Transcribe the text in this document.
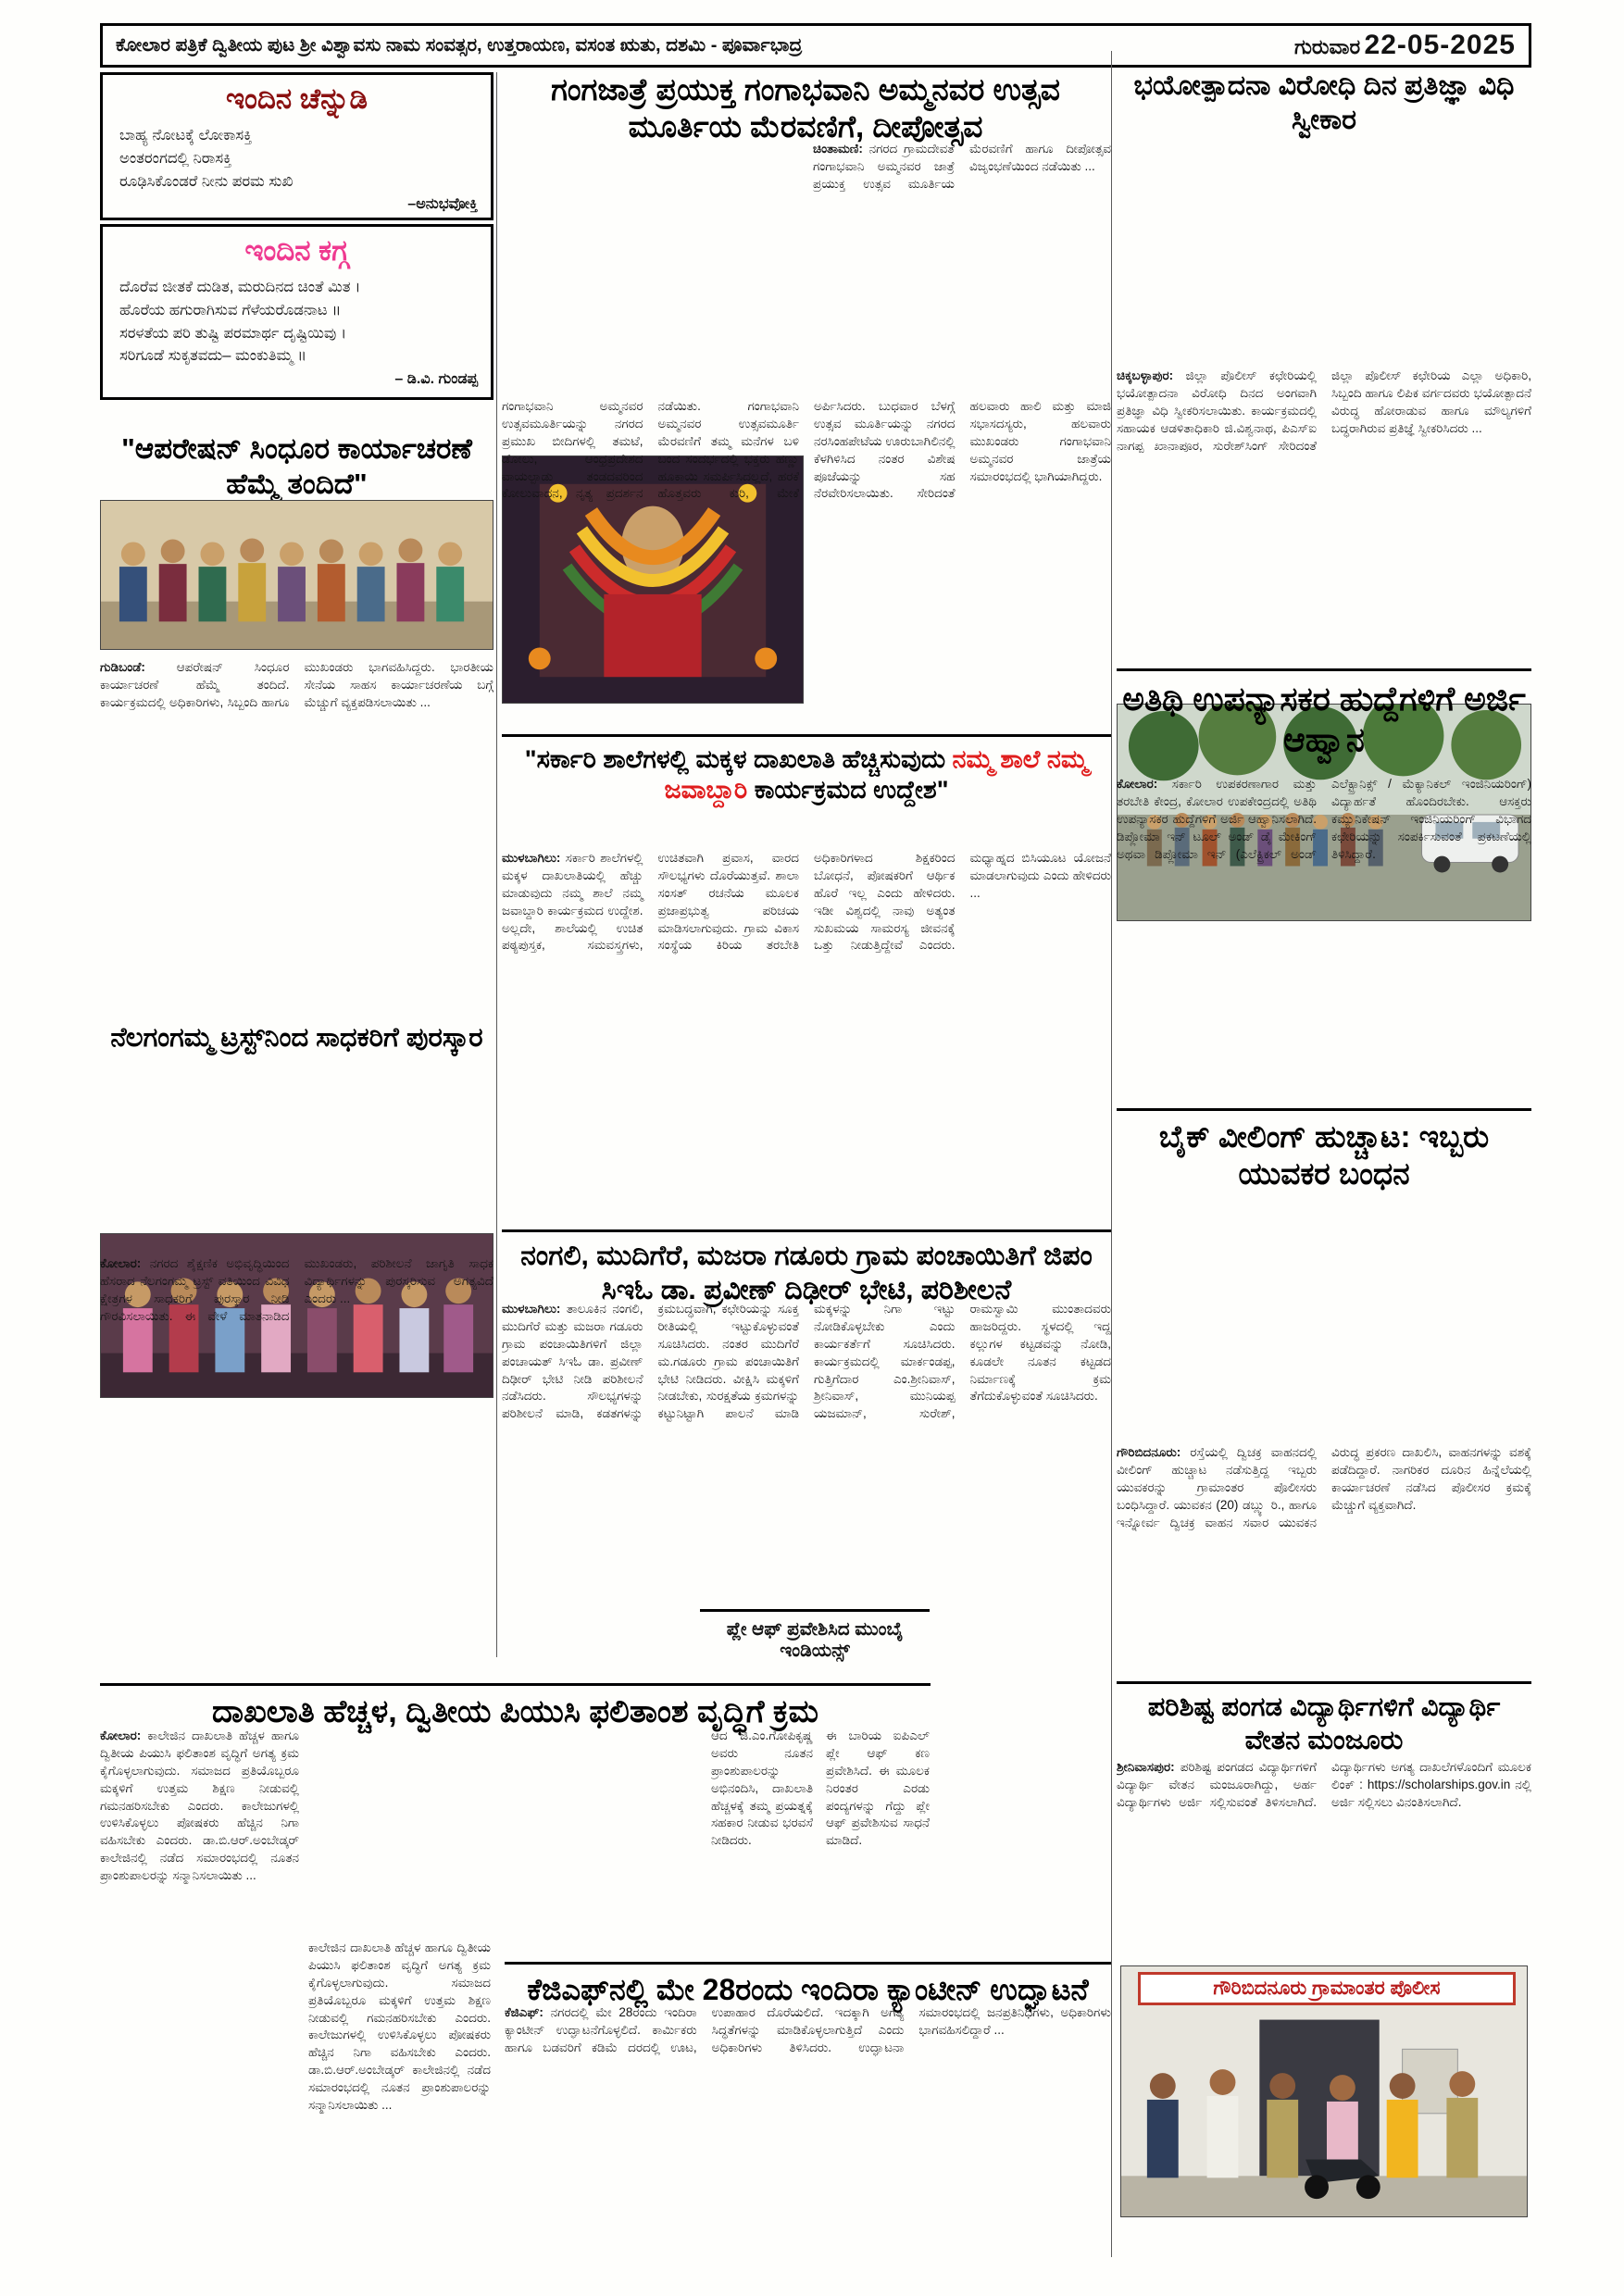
ಕೋಲಾರ ಪತ್ರಿಕೆ ದ್ವಿತೀಯ ಪುಟ ಶ್ರೀ ವಿಶ್ವಾವಸು ನಾಮ ಸಂವತ್ಸರ, ಉತ್ತರಾಯಣ, ವಸಂತ ಋತು, ದಶಮಿ - ಪೂರ್ವಾಭಾದ್ರ	ಗುರುವಾರ 22-05-2025
ಇಂದಿನ ಚೆನ್ನುಡಿ
ಬಾಹ್ಯ ನೋಟಕ್ಕೆ ಲೋಕಾಸಕ್ತಿ
ಅಂತರಂಗದಲ್ಲಿ ನಿರಾಸಕ್ತಿ
ರೂಢಿಸಿಕೊಂಡರೆ ನೀನು ಪರಮ ಸುಖಿ
–ಅನುಭವೋಕ್ತಿ
ಇಂದಿನ ಕಗ್ಗ
ದೊರೆವ ಜೀತಕೆ ದುಡಿತ, ಮರುದಿನದ ಚಿಂತೆ ಮಿತ ।
ಹೊರೆಯ ಹಗುರಾಗಿಸುವ ಗೆಳೆಯರೊಡನಾಟ ॥
ಸರಳತೆಯ ಪರಿ ತುಷ್ಟಿ ಪರಮಾರ್ಥ ದೃಷ್ಟಿಯಿವು ।
ಸರಿಗೂಡೆ ಸುಕೃತವದು– ಮಂಕುತಿಮ್ಮ ॥
– ಡಿ.ವಿ. ಗುಂಡಪ್ಪ
"ಆಪರೇಷನ್ ಸಿಂಧೂರ ಕಾರ್ಯಾಚರಣೆ ಹೆಮ್ಮೆ ತಂದಿದೆ"

ಗುಡಿಬಂಡೆ:	ಆಪರೇಷನ್ ಸಿಂಧೂರ ಕಾರ್ಯಾಚರಣೆ ಹೆಮ್ಮೆ ತಂದಿದೆ. ಕಾರ್ಯಕ್ರಮದಲ್ಲಿ ಅಧಿಕಾರಿಗಳು, ಸಿಬ್ಬಂದಿ ಹಾಗೂ ಮುಖಂಡರು ಭಾಗವಹಿಸಿದ್ದರು. ಭಾರತೀಯ ಸೇನೆಯ ಸಾಹಸ ಕಾರ್ಯಾಚರಣೆಯ ಬಗ್ಗೆ ಮೆಚ್ಚುಗೆ ವ್ಯಕ್ತಪಡಿಸಲಾಯಿತು ...

ನೆಲಗಂಗಮ್ಮ ಟ್ರಸ್ಟ್‌ನಿಂದ ಸಾಧಕರಿಗೆ ಪುರಸ್ಕಾರ

ಕೋಲಾರ: ನಗರದ ಶೈಕ್ಷಣಿಕ ಅಭಿವೃದ್ಧಿಯಿಂದ ಹೆಸರಾದ ನೆಲಗಂಗಮ್ಮ ಟ್ರಸ್ಟ್ ವತಿಯಿಂದ ವಿವಿಧ ಕ್ಷೇತ್ರಗಳ ಸಾಧಕರಿಗೆ ಪುರಸ್ಕಾರ ನೀಡಿ ಗೌರವಿಸಲಾಯಿತು. ಈ ವೇಳೆ ಮಾತನಾಡಿದ ಮುಖಂಡರು, ಪರಿಶೀಲನೆ ಜಾಗೃತಿ ಸಾಧಕ ವಿದ್ಯಾರ್ಥಿಗಳನ್ನು ಪುರಸ್ಕರಿಸುವ ಅಗತ್ಯವಿದೆ ಎಂದರು ...

ಗಂಗಜಾತ್ರೆ ಪ್ರಯುಕ್ತ ಗಂಗಾಭವಾನಿ ಅಮ್ಮನವರ ಉತ್ಸವ ಮೂರ್ತಿಯ ಮೆರವಣಿಗೆ, ದೀಪೋತ್ಸವ

ಚಿಂತಾಮಣಿ: ನಗರದ ಗ್ರಾಮದೇವತೆ ಗಂಗಾಭವಾನಿ ಅಮ್ಮನವರ ಜಾತ್ರೆ ಪ್ರಯುಕ್ತ ಉತ್ಸವ ಮೂರ್ತಿಯ ಮೆರವಣಿಗೆ ಹಾಗೂ ದೀಪೋತ್ಸವ ವಿಜೃಂಭಣೆಯಿಂದ ನಡೆಯಿತು ...

ಗಂಗಾಭವಾನಿ ಅಮ್ಮನವರ ಉತ್ಸವಮೂರ್ತಿಯನ್ನು ನಗರದ ಪ್ರಮುಖ ಬೀದಿಗಳಲ್ಲಿ ತಮಟೆ, ಡೋಲು, ಆಂಧ್ರಪ್ರದೇಶದ ವಾಯಲ್ಪಾಡು ತಂಡದವರಿಂದ ಕೋಲುವಾದನ, ನೃತ್ಯ ಪ್ರದರ್ಶನ ನಡೆಯಿತು. ಗಂಗಾಭವಾನಿ ಅಮ್ಮನವರ ಉತ್ಸವಮೂರ್ತಿ ಮೆರವಣಿಗೆ ತಮ್ಮ ಮನೆಗಳ ಬಳಿ ಬಂದ ಸಂದರ್ಭದಲ್ಲಿ ಭಕ್ತರು ಹಣ್ಣು ಹೂಕಾಯಿ ಸಮರ್ಪಿಸಿದಲ್ಲದೆ, ಹರಕೆ ಹೊತ್ತವರು ಕುರಿ, ಮೇಕೆ ಅರ್ಪಿಸಿದರು. ಬುಧವಾರ ಬೆಳಗ್ಗೆ ಉತ್ಸವ ಮೂರ್ತಿಯನ್ನು ನಗರದ ನರಸಿಂಹಪೇಟೆಯ ಊರುಬಾಗಿಲಿನಲ್ಲಿ ಕೆಳಗಿಳಿಸಿದ ನಂತರ ವಿಶೇಷ ಪೂಜೆಯನ್ನು ಸಹ ನೆರವೇರಿಸಲಾಯಿತು. ಸೇರಿದಂತೆ ಹಲವಾರು ಹಾಲಿ ಮತ್ತು ಮಾಜಿ ಸಭಾಸದಸ್ಯರು, ಹಲವಾರು ಮುಖಂಡರು ಗಂಗಾಭವಾನಿ ಅಮ್ಮನವರ ಜಾತ್ರೆಯ ಸಮಾರಂಭದಲ್ಲಿ ಭಾಗಿಯಾಗಿದ್ದರು.

"ಸರ್ಕಾರಿ ಶಾಲೆಗಳಲ್ಲಿ ಮಕ್ಕಳ ದಾಖಲಾತಿ ಹೆಚ್ಚಿಸುವುದು ನಮ್ಮ ಶಾಲೆ ನಮ್ಮ ಜವಾಬ್ದಾರಿ ಕಾರ್ಯಕ್ರಮದ ಉದ್ದೇಶ"

ಮುಳಬಾಗಿಲು: ಸರ್ಕಾರಿ ಶಾಲೆಗಳಲ್ಲಿ ಮಕ್ಕಳ ದಾಖಲಾತಿಯಲ್ಲಿ ಹೆಚ್ಚು ಮಾಡುವುದು ನಮ್ಮ ಶಾಲೆ ನಮ್ಮ ಜವಾಬ್ದಾರಿ ಕಾರ್ಯಕ್ರಮದ ಉದ್ದೇಶ. ಅಲ್ಲದೇ, ಶಾಲೆಯಲ್ಲಿ ಉಚಿತ ಪಠ್ಯಪುಸ್ತಕ, ಸಮವಸ್ತ್ರಗಳು, ಉಚಿತವಾಗಿ ಪ್ರವಾಸ, ವಾರದ ಸೌಲಭ್ಯಗಳು ದೊರೆಯುತ್ತವೆ. ಶಾಲಾ ಸಂಸತ್ ರಚನೆಯ ಮೂಲಕ ಪ್ರಜಾಪ್ರಭುತ್ವ ಪರಿಚಯ ಮಾಡಿಸಲಾಗುವುದು. ಗ್ರಾಮ ವಿಕಾಸ ಸಂಸ್ಥೆಯ ಕಿರಿಯ ತರಬೇತಿ ಅಧಿಕಾರಿಗಳಾದ ಶಿಕ್ಷಕರಿಂದ ಬೋಧನೆ, ಪೋಷಕರಿಗೆ ಆರ್ಥಿಕ ಹೊರೆ ಇಲ್ಲ ಎಂದು ಹೇಳಿದರು. ಇಡೀ ವಿಶ್ವದಲ್ಲಿ ನಾವು ಅತ್ಯಂತ ಸುಖಮಯ ಸಾಮರಸ್ಯ ಜೀವನಕ್ಕೆ ಒತ್ತು ನೀಡುತ್ತಿದ್ದೇವೆ ಎಂದರು. ಮಧ್ಯಾಹ್ನದ ಬಿಸಿಯೂಟ ಯೋಜನೆ ಮಾಡಲಾಗುವುದು ಎಂದು ಹೇಳಿದರು ...

ನಂಗಲಿ, ಮುದಿಗೆರೆ, ಮಜರಾ ಗಡೂರು ಗ್ರಾಮ ಪಂಚಾಯಿತಿಗೆ ಜಿಪಂ ಸಿಇಓ ಡಾ. ಪ್ರವೀಣ್ ದಿಢೀರ್ ಭೇಟಿ, ಪರಿಶೀಲನೆ

ಮುಳಬಾಗಿಲು: ತಾಲೂಕಿನ ನಂಗಲಿ, ಮುದಿಗೆರೆ ಮತ್ತು ಮಜರಾ ಗಡೂರು ಗ್ರಾಮ ಪಂಚಾಯಿತಿಗಳಿಗೆ ಜಿಲ್ಲಾ ಪಂಚಾಯತ್ ಸಿಇಓ ಡಾ. ಪ್ರವೀಣ್ ದಿಢೀರ್ ಭೇಟಿ ನೀಡಿ ಪರಿಶೀಲನೆ ನಡೆಸಿದರು. ಸೌಲಭ್ಯಗಳನ್ನು ಪರಿಶೀಲನೆ ಮಾಡಿ, ಕಡತಗಳನ್ನು ಕ್ರಮಬದ್ಧವಾಗಿ, ಕಛೇರಿಯನ್ನು ಸೂಕ್ತ ರೀತಿಯಲ್ಲಿ ಇಟ್ಟುಕೊಳ್ಳುವಂತೆ ಸೂಚಿಸಿದರು. ನಂತರ ಮುದಿಗೆರೆ ಮ.ಗಡೂರು ಗ್ರಾಮ ಪಂಚಾಯಿತಿಗೆ ಭೇಟಿ ನೀಡಿದರು. ವೀಕ್ಷಿಸಿ ಮಕ್ಕಳಿಗೆ ನೀಡಬೇಕು, ಸುರಕ್ಷತೆಯ ಕ್ರಮಗಳನ್ನು ಕಟ್ಟುನಿಟ್ಟಾಗಿ ಪಾಲನೆ ಮಾಡಿ ಮಕ್ಕಳನ್ನು ನಿಗಾ ಇಟ್ಟು ನೋಡಿಕೊಳ್ಳಬೇಕು ಎಂದು ಕಾರ್ಯಕರ್ತೆಗೆ ಸೂಚಿಸಿದರು. ಕಾರ್ಯಕ್ರಮದಲ್ಲಿ ಮಾರ್ಕಂಡಪ್ಪ, ಗುತ್ತಿಗೆದಾರ ಎಂ.ಶ್ರೀನಿವಾಸ್, ಶ್ರೀನಿವಾಸ್, ಮುನಿಯಪ್ಪ ಯಜಮಾನ್, ಸುರೇಶ್, ರಾಮಸ್ವಾಮಿ ಮುಂತಾದವರು ಹಾಜರಿದ್ದರು. ಸ್ಥಳದಲ್ಲಿ ಇದ್ದ ಕಲ್ಲುಗಳ ಕಟ್ಟಡವನ್ನು ನೋಡಿ, ಕೂಡಲೇ ನೂತನ ಕಟ್ಟಡದ ನಿರ್ಮಾಣಕ್ಕೆ ಕ್ರಮ ತೆಗೆದುಕೊಳ್ಳುವಂತೆ ಸೂಚಿಸಿದರು.

ಭಯೋತ್ಪಾದನಾ ವಿರೋಧಿ ದಿನ ಪ್ರತಿಜ್ಞಾ ವಿಧಿ ಸ್ವೀಕಾರ

ಚಿಕ್ಕಬಳ್ಳಾಪುರ: ಜಿಲ್ಲಾ ಪೊಲೀಸ್ ಕಛೇರಿಯಲ್ಲಿ ಭಯೋತ್ಪಾದನಾ ವಿರೋಧಿ ದಿನದ ಅಂಗವಾಗಿ ಪ್ರತಿಜ್ಞಾ ವಿಧಿ ಸ್ವೀಕರಿಸಲಾಯಿತು. ಕಾರ್ಯಕ್ರಮದಲ್ಲಿ ಸಹಾಯಕ ಆಡಳಿತಾಧಿಕಾರಿ ಜಿ.ವಿಶ್ವನಾಥ, ಪಿಎಸ್‌ಐ ನಾಗಪ್ಪ ಖಾನಾಪೂರ, ಸುರೇಶ್‌ಸಿಂಗ್ ಸೇರಿದಂತೆ ಜಿಲ್ಲಾ ಪೊಲೀಸ್ ಕಛೇರಿಯ ಎಲ್ಲಾ ಅಧಿಕಾರಿ, ಸಿಬ್ಬಂದಿ ಹಾಗೂ ಲಿಪಿಕ ವರ್ಗದವರು ಭಯೋತ್ಪಾದನೆ ವಿರುದ್ಧ ಹೋರಾಡುವ ಹಾಗೂ ಮೌಲ್ಯಗಳಿಗೆ ಬದ್ಧರಾಗಿರುವ ಪ್ರತಿಜ್ಞೆ ಸ್ವೀಕರಿಸಿದರು ...

ಅತಿಥಿ ಉಪನ್ಯಾಸಕರ ಹುದ್ದೆಗಳಿಗೆ ಅರ್ಜಿ ಆಹ್ವಾನ

ಕೋಲಾರ: ಸರ್ಕಾರಿ ಉಪಕರಣಾಗಾರ ಮತ್ತು ತರಬೇತಿ ಕೇಂದ್ರ, ಕೋಲಾರ ಉಪಕೇಂದ್ರದಲ್ಲಿ ಅತಿಥಿ ಉಪನ್ಯಾಸಕರ ಹುದ್ದೆಗಳಿಗೆ ಅರ್ಜಿ ಆಹ್ವಾನಿಸಲಾಗಿದೆ. ಡಿಪ್ಲೋಮಾ ಇನ್ ಟೂಲ್ ಅಂಡ್ ಡೈ ಮೇಕಿಂಗ್ ಅಥವಾ ಡಿಪ್ಲೋಮಾ ಇನ್ (ಎಲೆಕ್ಟ್ರಿಕಲ್ ಅಂಡ್ ಎಲೆಕ್ಟ್ರಾನಿಕ್ಸ್ / ಮೆಕ್ಯಾನಿಕಲ್ ಇಂಜಿನಿಯರಿಂಗ್) ವಿದ್ಯಾರ್ಹತೆ ಹೊಂದಿರಬೇಕು. ಆಸಕ್ತರು ಕಮ್ಯುನಿಕೇಷನ್ ಇಂಜಿನಿಯರಿಂಗ್ ವಿಭಾಗದ ಕಛೇರಿಯನ್ನು ಸಂಪರ್ಕಿಸುವಂತೆ ಪ್ರಕಟಣೆಯಲ್ಲಿ ತಿಳಿಸಿದ್ದಾರೆ.

ಬೈಕ್ ವೀಲಿಂಗ್ ಹುಚ್ಚಾಟ: ಇಬ್ಬರು ಯುವಕರ ಬಂಧನ
ಗೌರಿಬಿದನೂರು ಗ್ರಾಮಾಂತರ ಪೊಲೀಸ

ಗೌರಿಬಿದನೂರು: ರಸ್ತೆಯಲ್ಲಿ ದ್ವಿಚಕ್ರ ವಾಹನದಲ್ಲಿ ವೀಲಿಂಗ್ ಹುಚ್ಚಾಟ ನಡೆಸುತ್ತಿದ್ದ ಇಬ್ಬರು ಯುವಕರನ್ನು ಗ್ರಾಮಾಂತರ ಪೊಲೀಸರು ಬಂಧಿಸಿದ್ದಾರೆ. ಯುವಕನ (20) ಡಬ್ಲ್ಯು ರಿ., ಹಾಗೂ ಇನ್ನೋರ್ವ ದ್ವಿಚಕ್ರ ವಾಹನ ಸವಾರ ಯುವಕನ ವಿರುದ್ಧ ಪ್ರಕರಣ ದಾಖಲಿಸಿ, ವಾಹನಗಳನ್ನು ವಶಕ್ಕೆ ಪಡೆದಿದ್ದಾರೆ. ನಾಗರಿಕರ ದೂರಿನ ಹಿನ್ನೆಲೆಯಲ್ಲಿ ಕಾರ್ಯಾಚರಣೆ ನಡೆಸಿದ ಪೊಲೀಸರ ಕ್ರಮಕ್ಕೆ ಮೆಚ್ಚುಗೆ ವ್ಯಕ್ತವಾಗಿದೆ.

ಪರಿಶಿಷ್ಟ ಪಂಗಡ ವಿದ್ಯಾರ್ಥಿಗಳಿಗೆ ವಿದ್ಯಾರ್ಥಿ ವೇತನ ಮಂಜೂರು

ಶ್ರೀನಿವಾಸಪುರ: ಪರಿಶಿಷ್ಟ ಪಂಗಡದ ವಿದ್ಯಾರ್ಥಿಗಳಿಗೆ ವಿದ್ಯಾರ್ಥಿ ವೇತನ ಮಂಜೂರಾಗಿದ್ದು, ಅರ್ಹ ವಿದ್ಯಾರ್ಥಿಗಳು ಅರ್ಜಿ ಸಲ್ಲಿಸುವಂತೆ ತಿಳಿಸಲಾಗಿದೆ. ವಿದ್ಯಾರ್ಥಿಗಳು ಅಗತ್ಯ ದಾಖಲೆಗಳೊಂದಿಗೆ ಮೂಲಕ ಲಿಂಕ್ : https://scholarships.gov.in ನಲ್ಲಿ ಅರ್ಜಿ ಸಲ್ಲಿಸಲು ವಿನಂತಿಸಲಾಗಿದೆ.

ಪ್ಲೇ ಆಫ್ ಪ್ರವೇಶಿಸಿದ ಮುಂಬೈ ಇಂಡಿಯನ್ಸ್
ದಾಖಲಾತಿ ಹೆಚ್ಚಳ, ದ್ವಿತೀಯ ಪಿಯುಸಿ ಫಲಿತಾಂಶ ವೃದ್ಧಿಗೆ ಕ್ರಮ

ಕೋಲಾರ: ಕಾಲೇಜಿನ ದಾಖಲಾತಿ ಹೆಚ್ಚಳ ಹಾಗೂ ದ್ವಿತೀಯ ಪಿಯುಸಿ ಫಲಿತಾಂಶ ವೃದ್ಧಿಗೆ ಅಗತ್ಯ ಕ್ರಮ ಕೈಗೊಳ್ಳಲಾಗುವುದು. ಸಮಾಜದ ಪ್ರತಿಯೊಬ್ಬರೂ ಮಕ್ಕಳಿಗೆ ಉತ್ತಮ ಶಿಕ್ಷಣ ನೀಡುವಲ್ಲಿ ಗಮನಹರಿಸಬೇಕು ಎಂದರು. ಕಾಲೇಜುಗಳಲ್ಲಿ ಉಳಿಸಿಕೊಳ್ಳಲು ಪೋಷಕರು ಹೆಚ್ಚಿನ ನಿಗಾ ವಹಿಸಬೇಕು ಎಂದರು. ಡಾ.ಬಿ.ಆರ್.ಅಂಬೇಡ್ಕರ್ ಕಾಲೇಜಿನಲ್ಲಿ ನಡೆದ ಸಮಾರಂಭದಲ್ಲಿ ನೂತನ ಪ್ರಾಂಶುಪಾಲರನ್ನು ಸನ್ಮಾನಿಸಲಾಯಿತು ...

ಆದ ಜಿ.ಎಂ.ಗೋಪಿಕೃಷ್ಣ ಅವರು ನೂತನ ಪ್ರಾಂಶುಪಾಲರನ್ನು ಅಭಿನಂದಿಸಿ, ದಾಖಲಾತಿ ಹೆಚ್ಚಳಕ್ಕೆ ತಮ್ಮ ಪ್ರಯತ್ನಕ್ಕೆ ಸಹಕಾರ ನೀಡುವ ಭರವಸೆ ನೀಡಿದರು.

ಈ ಬಾರಿಯ ಐಪಿಎಲ್ ಪ್ಲೇ ಆಫ್ ಕಣ ಪ್ರವೇಶಿಸಿದೆ. ಈ ಮೂಲಕ ನಿರಂತರ ಎರಡು ಪಂದ್ಯಗಳನ್ನು ಗೆದ್ದು ಪ್ಲೇ ಆಫ್ ಪ್ರವೇಶಿಸುವ ಸಾಧನೆ ಮಾಡಿದೆ.

ಕಾಲೇಜಿನ ದಾಖಲಾತಿ ಹೆಚ್ಚಳ ಹಾಗೂ ದ್ವಿತೀಯ ಪಿಯುಸಿ ಫಲಿತಾಂಶ ವೃದ್ಧಿಗೆ ಅಗತ್ಯ ಕ್ರಮ ಕೈಗೊಳ್ಳಲಾಗುವುದು. ಸಮಾಜದ ಪ್ರತಿಯೊಬ್ಬರೂ ಮಕ್ಕಳಿಗೆ ಉತ್ತಮ ಶಿಕ್ಷಣ ನೀಡುವಲ್ಲಿ ಗಮನಹರಿಸಬೇಕು ಎಂದರು. ಕಾಲೇಜುಗಳಲ್ಲಿ ಉಳಿಸಿಕೊಳ್ಳಲು ಪೋಷಕರು ಹೆಚ್ಚಿನ ನಿಗಾ ವಹಿಸಬೇಕು ಎಂದರು. ಡಾ.ಬಿ.ಆರ್.ಅಂಬೇಡ್ಕರ್ ಕಾಲೇಜಿನಲ್ಲಿ ನಡೆದ ಸಮಾರಂಭದಲ್ಲಿ ನೂತನ ಪ್ರಾಂಶುಪಾಲರನ್ನು ಸನ್ಮಾನಿಸಲಾಯಿತು ...

ಕೆಜಿಎಫ್‌ನಲ್ಲಿ ಮೇ 28ರಂದು ಇಂದಿರಾ ಕ್ಯಾಂಟೀನ್ ಉದ್ಘಾಟನೆ

ಕೆಜಿಎಫ್: ನಗರದಲ್ಲಿ ಮೇ 28ರಂದು ಇಂದಿರಾ ಕ್ಯಾಂಟೀನ್ ಉದ್ಘಾಟನೆಗೊಳ್ಳಲಿದೆ. ಕಾರ್ಮಿಕರು ಹಾಗೂ ಬಡವರಿಗೆ ಕಡಿಮೆ ದರದಲ್ಲಿ ಊಟ, ಉಪಾಹಾರ ದೊರೆಯಲಿದೆ. ಇದಕ್ಕಾಗಿ ಅಗತ್ಯ ಸಿದ್ಧತೆಗಳನ್ನು ಮಾಡಿಕೊಳ್ಳಲಾಗುತ್ತಿದೆ ಎಂದು ಅಧಿಕಾರಿಗಳು ತಿಳಿಸಿದರು. ಉದ್ಘಾಟನಾ ಸಮಾರಂಭದಲ್ಲಿ ಜನಪ್ರತಿನಿಧಿಗಳು, ಅಧಿಕಾರಿಗಳು ಭಾಗವಹಿಸಲಿದ್ದಾರೆ ...
